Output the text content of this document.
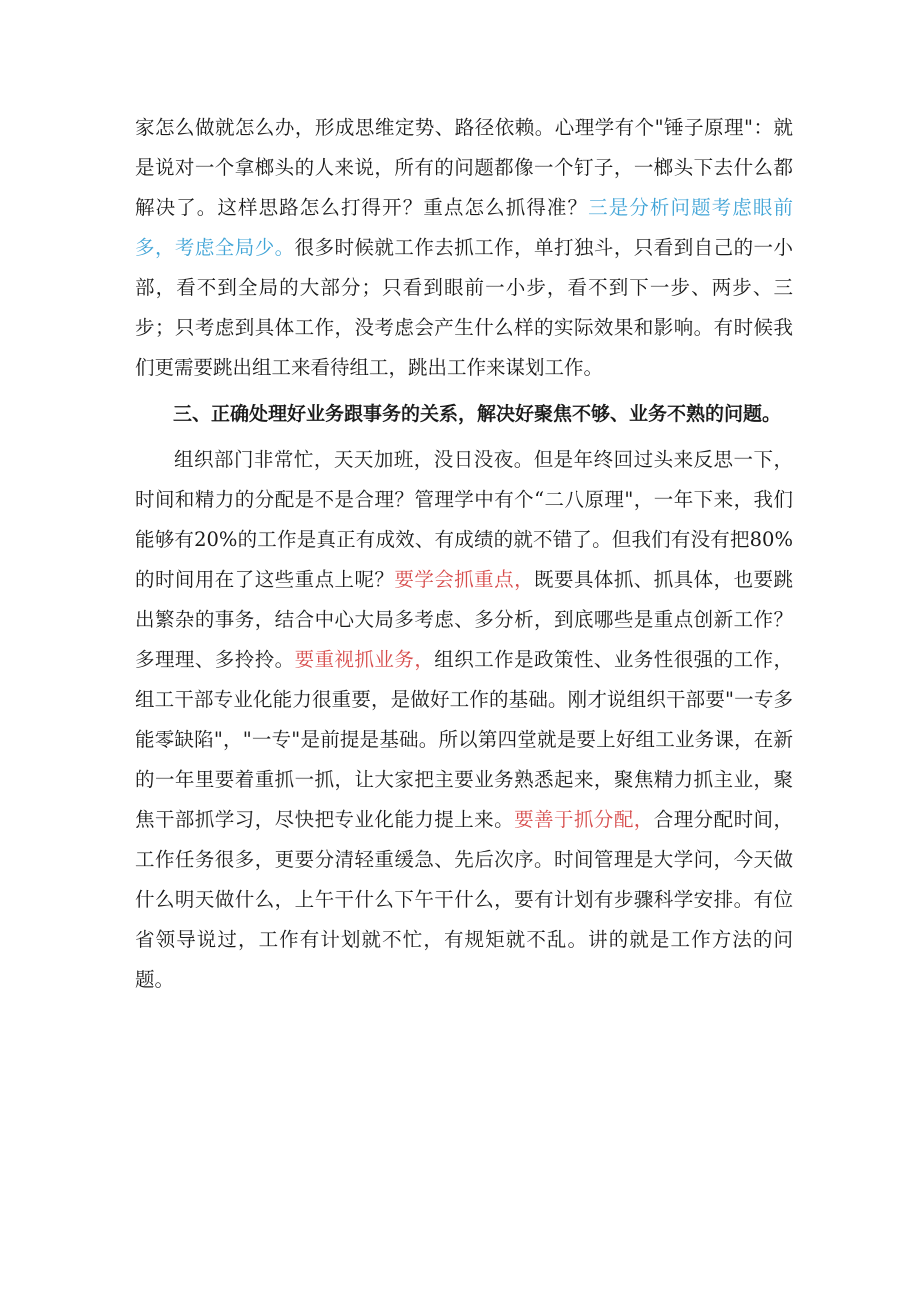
家怎么做就怎么办，形成思维定势、路径依赖。心理学有个"锤子原理"：就是说对一个拿榔头的人来说，所有的问题都像一个钉子，一榔头下去什么都解决了。这样思路怎么打得开？重点怎么抓得准？三是分析问题考虑眼前多，考虑全局少。很多时候就工作去抓工作，单打独斗，只看到自己的一小部，看不到全局的大部分；只看到眼前一小步，看不到下一步、两步、三步；只考虑到具体工作，没考虑会产生什么样的实际效果和影响。有时候我们更需要跳出组工来看待组工，跳出工作来谋划工作。

三、正确处理好业务跟事务的关系，解决好聚焦不够、业务不熟的问题。

组织部门非常忙，天天加班，没日没夜。但是年终回过头来反思一下，时间和精力的分配是不是合理？管理学中有个“二八原理"，一年下来，我们能够有20%的工作是真正有成效、有成绩的就不错了。但我们有没有把80%的时间用在了这些重点上呢？要学会抓重点，既要具体抓、抓具体，也要跳出繁杂的事务，结合中心大局多考虑、多分析，到底哪些是重点创新工作？多理理、多拎拎。要重视抓业务，组织工作是政策性、业务性很强的工作，组工干部专业化能力很重要，是做好工作的基础。刚才说组织干部要"一专多能零缺陷"，"一专"是前提是基础。所以第四堂就是要上好组工业务课，在新的一年里要着重抓一抓，让大家把主要业务熟悉起来，聚焦精力抓主业，聚焦干部抓学习，尽快把专业化能力提上来。要善于抓分配，合理分配时间，工作任务很多，更要分清轻重缓急、先后次序。时间管理是大学问，今天做什么明天做什么，上午干什么下午干什么，要有计划有步骤科学安排。有位省领导说过，工作有计划就不忙，有规矩就不乱。讲的就是工作方法的问题。
